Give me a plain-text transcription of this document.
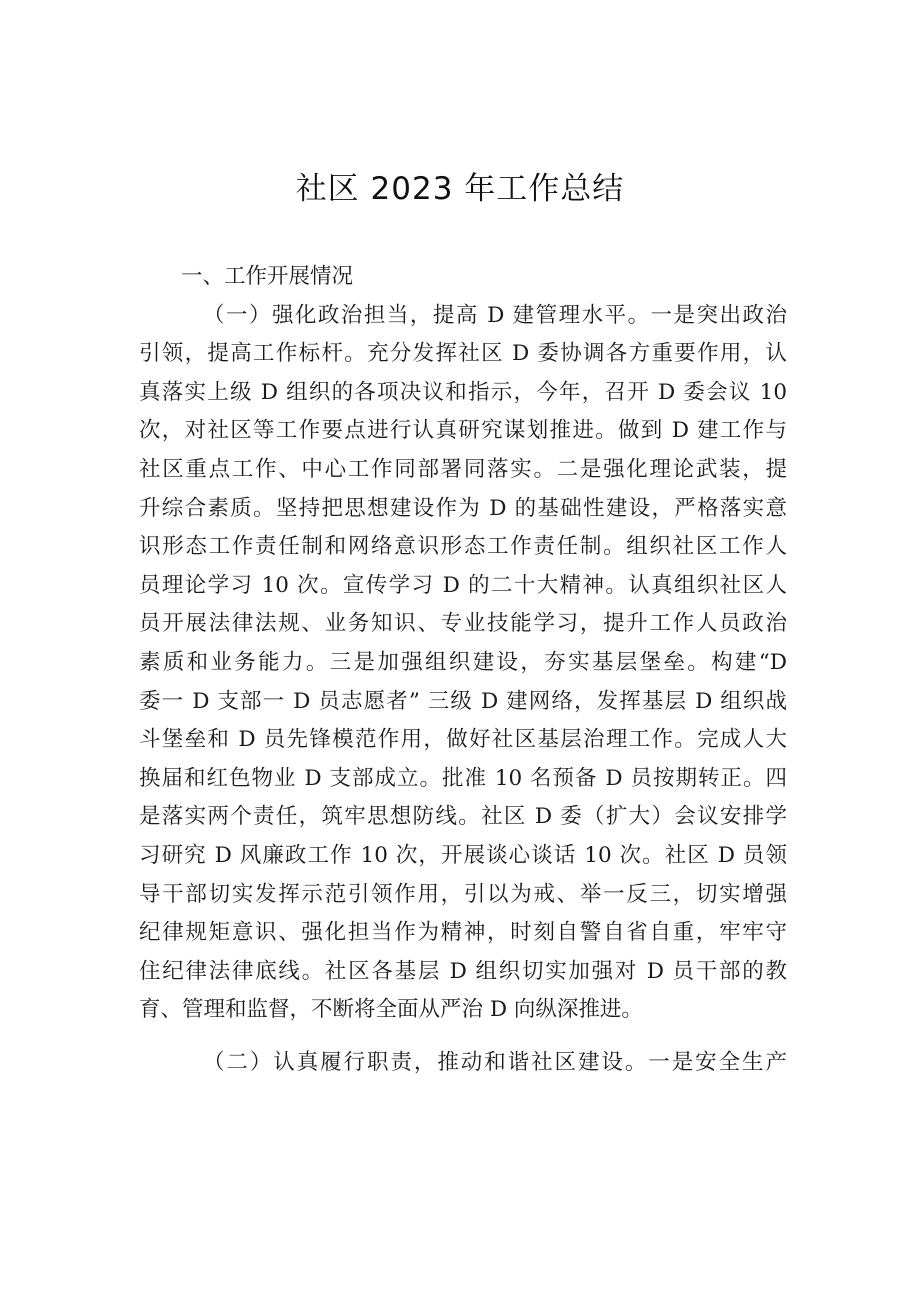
社区 2023 年工作总结
一、工作开展情况
（一）强化政治担当，提高 D 建管理水平。一是突出政治
引领，提高工作标杆。充分发挥社区 D 委协调各方重要作用，认
真落实上级 D 组织的各项决议和指示，今年，召开 D 委会议 10
次，对社区等工作要点进行认真研究谋划推进。做到 D 建工作与
社区重点工作、中心工作同部署同落实。二是强化理论武装，提
升综合素质。坚持把思想建设作为 D 的基础性建设，严格落实意
识形态工作责任制和网络意识形态工作责任制。组织社区工作人
员理论学习 10 次。宣传学习 D 的二十大精神。认真组织社区人
员开展法律法规、业务知识、专业技能学习，提升工作人员政治
素质和业务能力。三是加强组织建设，夯实基层堡垒。构建“D
委一 D 支部一 D 员志愿者” 三级 D 建网络，发挥基层 D 组织战
斗堡垒和 D 员先锋模范作用，做好社区基层治理工作。完成人大
换届和红色物业 D 支部成立。批准 10 名预备 D 员按期转正。四
是落实两个责任，筑牢思想防线。社区 D 委（扩大）会议安排学
习研究 D 风廉政工作 10 次，开展谈心谈话 10 次。社区 D 员领
导干部切实发挥示范引领作用，引以为戒、举一反三，切实增强
纪律规矩意识、强化担当作为精神，时刻自警自省自重，牢牢守
住纪律法律底线。社区各基层 D 组织切实加强对 D 员干部的教
育、管理和监督，不断将全面从严治 D 向纵深推进。
（二）认真履行职责，推动和谐社区建设。一是安全生产
